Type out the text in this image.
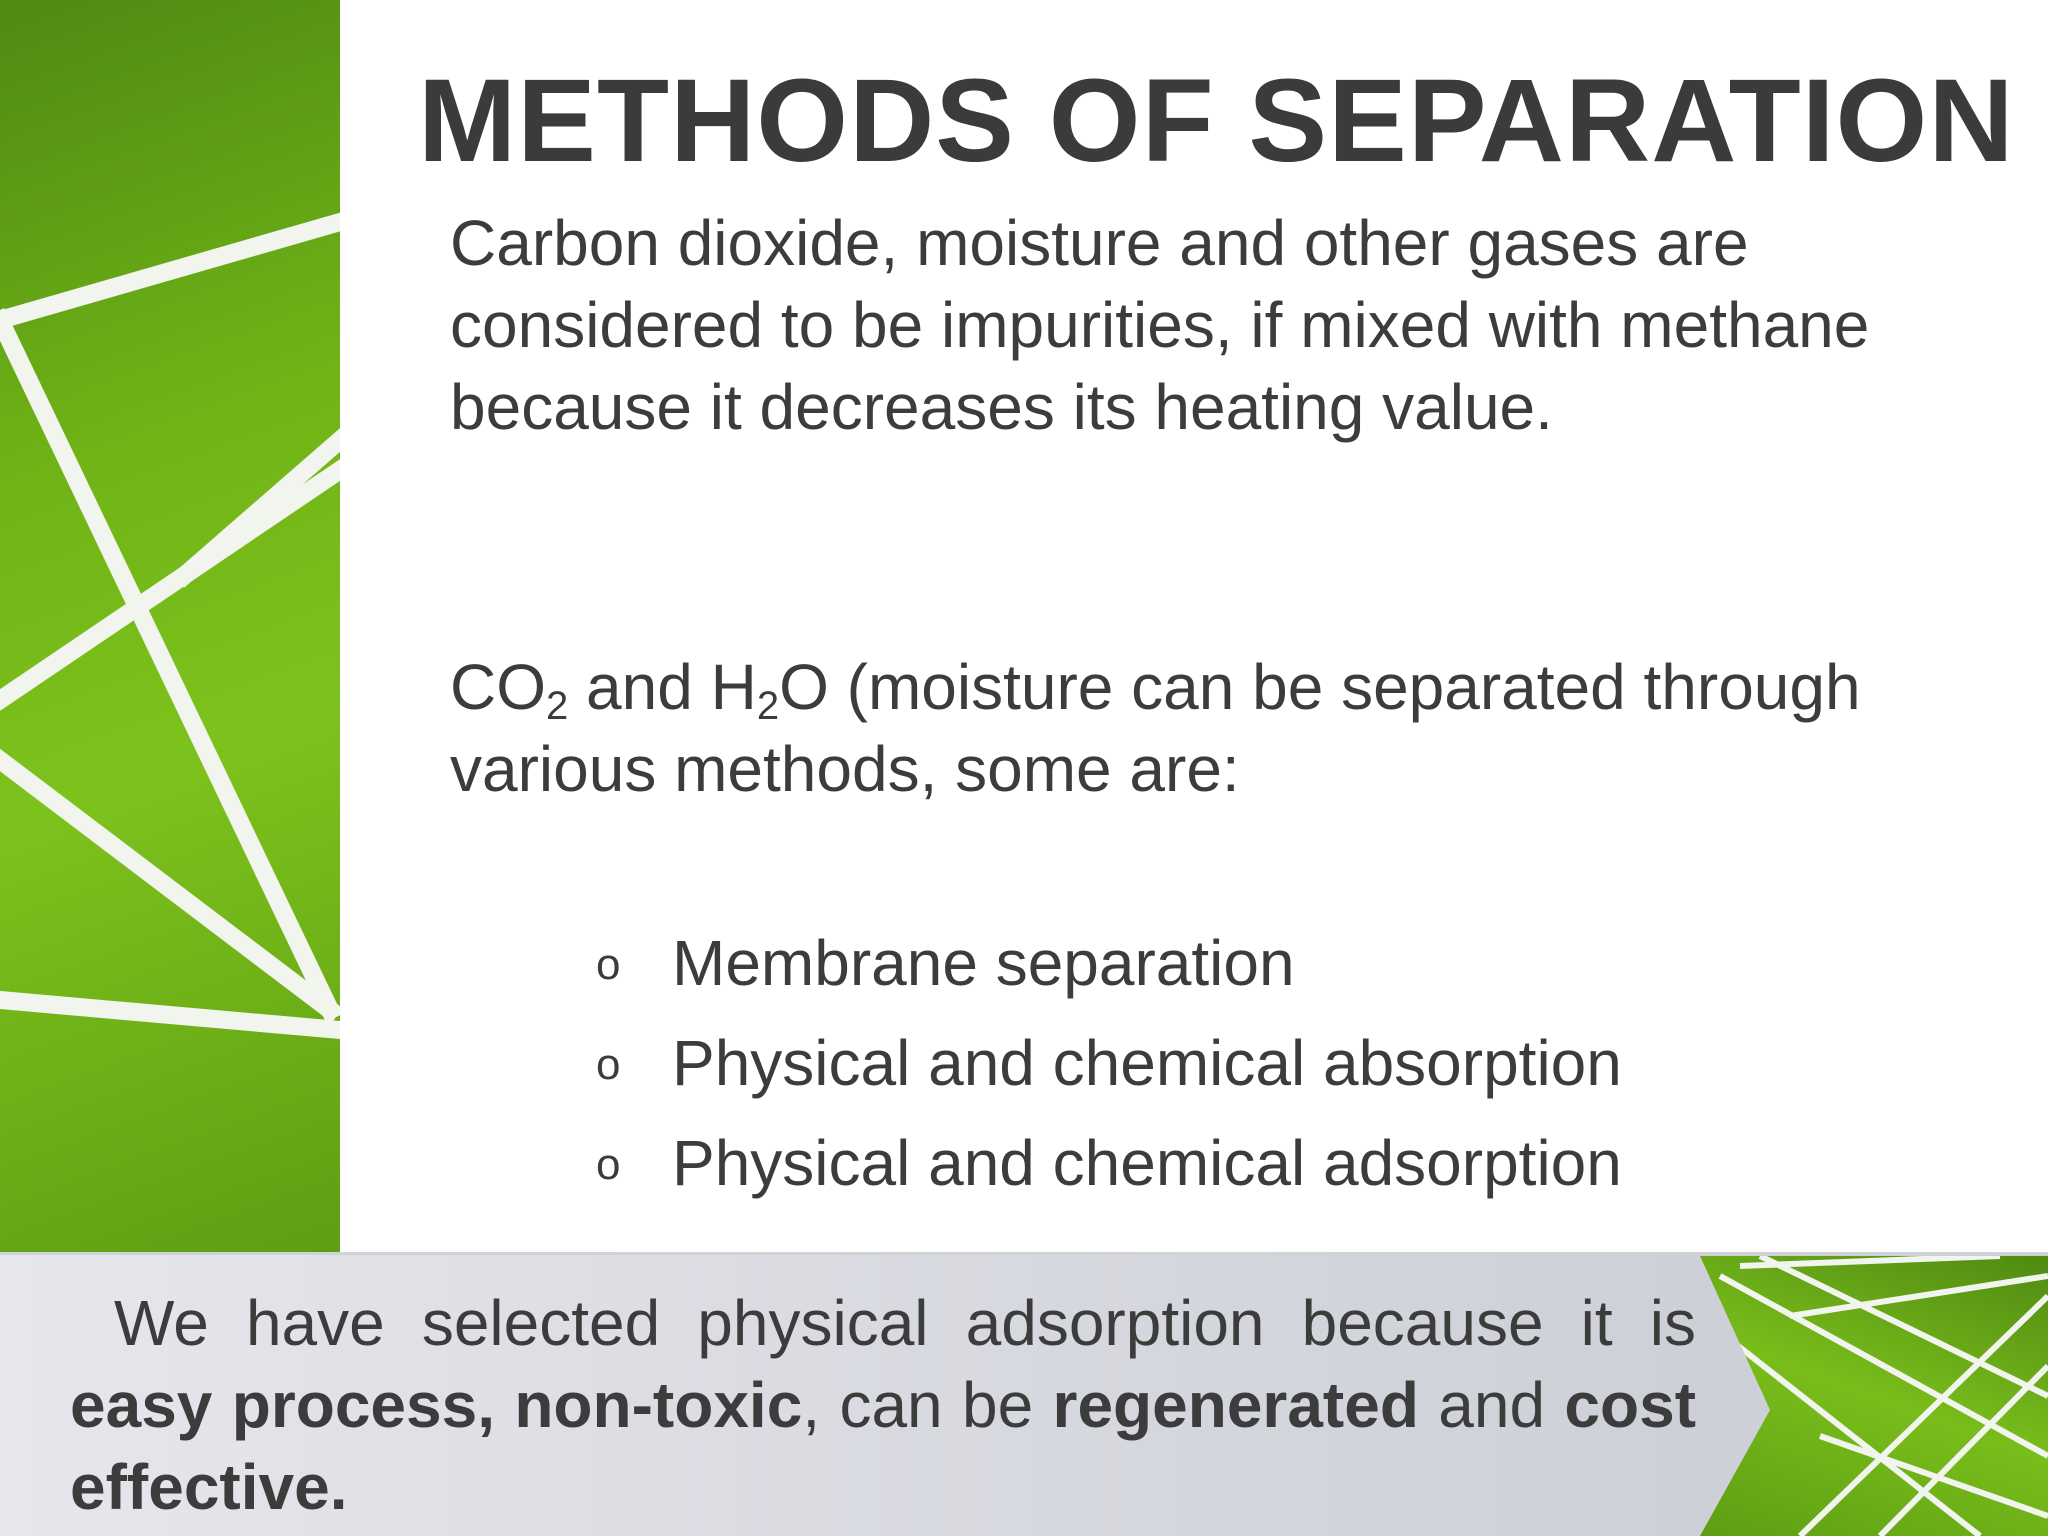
METHODS OF SEPARATION
Carbon dioxide, moisture and other gases are considered to be impurities, if mixed with methane because it decreases its heating value.
$CO_2$ and $H_2O$ (moisture can be separated through various methods, some are:
o Membrane separation
o Physical and chemical absorption
o Physical and chemical adsorption
We have selected physical adsorption because it is easy process, non-toxic, can be regenerated and cost effective.
